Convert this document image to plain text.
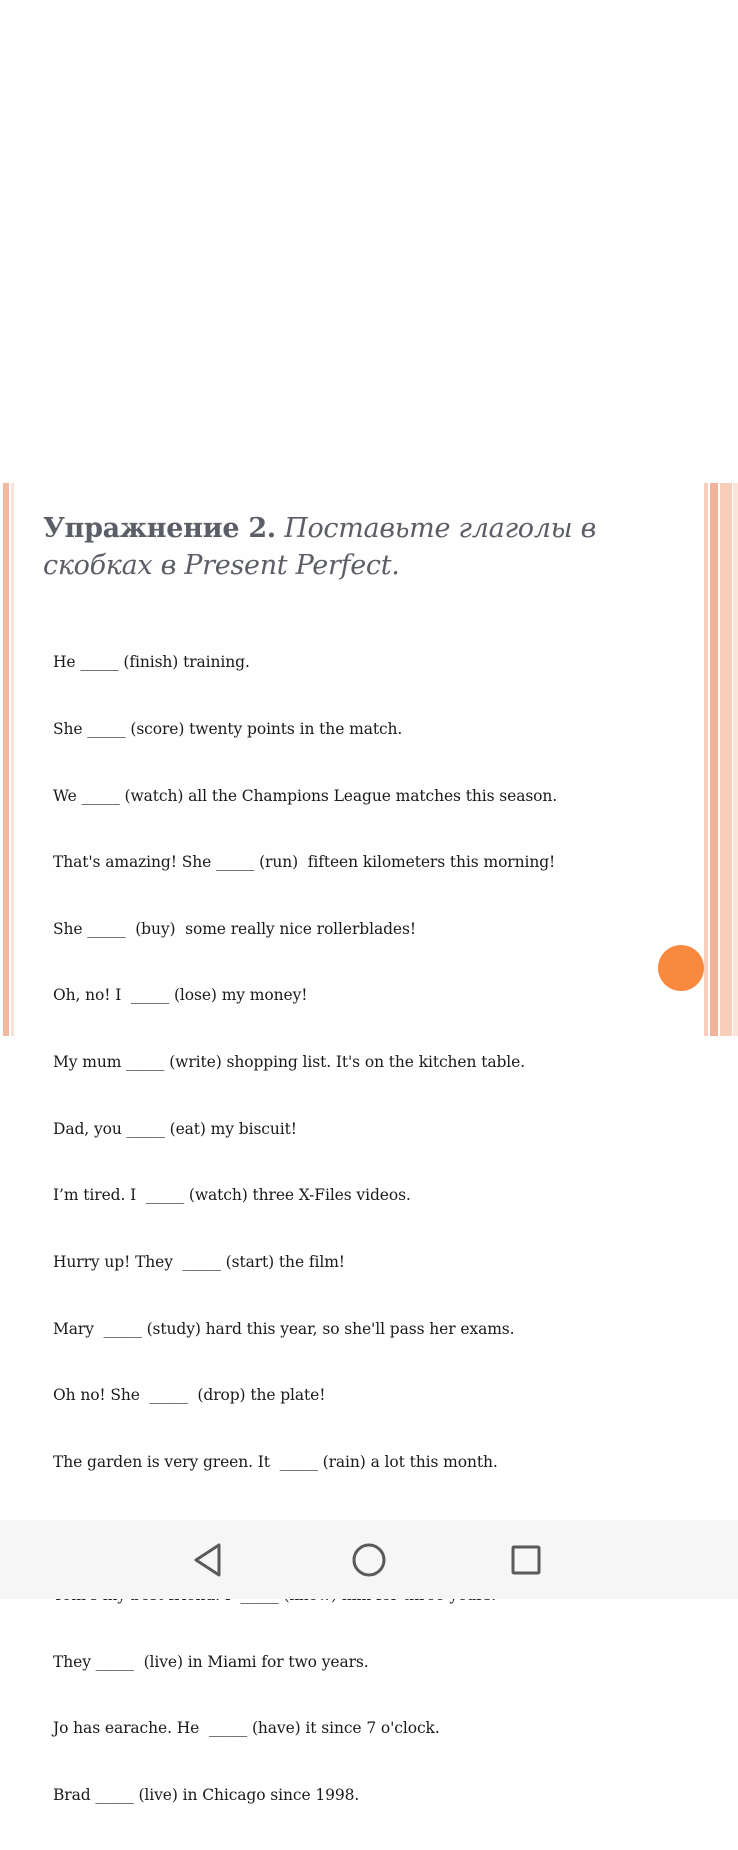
Упражнение 2. Поставьте глаголы в скобках в Present Perfect.

He _____ (finish) training.

She _____ (score) twenty points in the match.

We _____ (watch) all the Champions League matches this season.

That's amazing! She _____ (run)  fifteen kilometers this morning!

She _____  (buy)  some really nice rollerblades!

Oh, no! I  _____ (lose) my money!

My mum _____ (write) shopping list. It's on the kitchen table.

Dad, you _____ (eat) my biscuit!

I’m tired. I  _____ (watch) three X-Files videos.

Hurry up! They  _____ (start) the film!

Mary  _____ (study) hard this year, so she'll pass her exams.

Oh no! She  _____  (drop) the plate!

The garden is very green. It  _____ (rain) a lot this month.

They _____  (live) in Miami for two years.

Jo has earache. He  _____ (have) it since 7 o'clock.

Brad _____ (live) in Chicago since 1998.
